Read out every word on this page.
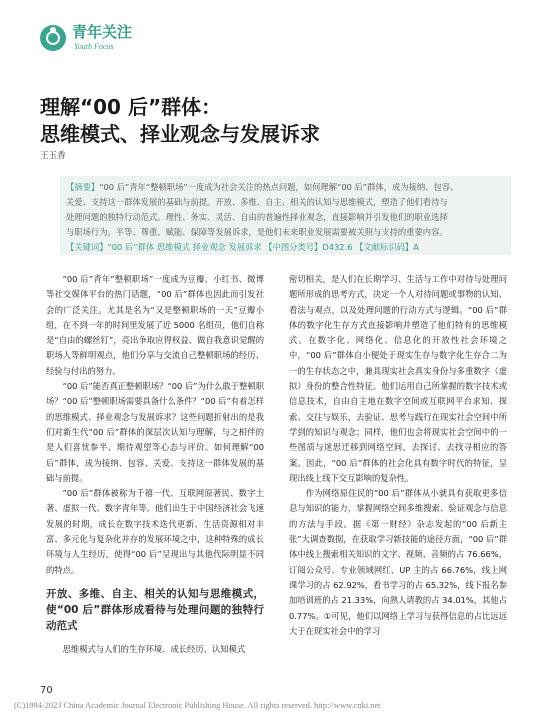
青年关注
Youth Focus
理解“00 后”群体：
思维模式、择业观念与发展诉求
王玉香

【摘要】“00 后”青年“整顿职场”一度成为社会关注的热点问题，如何理解“00 后”群体，成为接纳、包容、

关爱、支持这一群体发展的基础与前提。开放、多维、自主、相关的认知与思维模式，塑造了他们看待与

处理问题的独特行动范式。理性、务实、灵活、自由的普遍性择业观念，直接影响并引发他们的职业选择

与职场行为。平等、尊重、赋能、保障等发展诉求，是他们未来职业发展需要被关照与支持的重要内容。

【关键词】“00 后”群体 思维模式 择业观念 发展诉求 【中图分类号】D432.6 【文献标识码】A

“00 后”青年“整顿职场”一度成为豆瓣、小红书、微博等社交媒体平台的热门话题，“00 后”群体也因此而引发社会的广泛关注。尤其是名为“又是整顿职场的一天”豆瓣小组，在不到一年的时间里发展了近 5000 名组员，他们自称是“自由的螺丝钉”，亮出争取应得权益、做自我意识觉醒的职场人等鲜明观点，他们分享与交流自己整顿职场的经历、经验与付出的努力。

“00 后”能否真正整顿职场？“00 后”为什么敢于整顿职场？“00 后”整顿职场需要具备什么条件？“00 后”有着怎样的思维模式、择业观念与发展诉求？这些问题折射出的是我们对新生代“00 后”群体的深层次认知与理解，与之相伴的是人们喜忧参半、期待观望等心态与评价。如何理解“00 后”群体，成为接纳、包容、关爱、支持这一群体发展的基础与前提。

“00 后”群体被称为千禧一代、互联网原著民、数字土著、虚拟一代、数字青年等。他们出生于中国经济社会飞速发展的时期，成长在数字技术迭代更新、生活资源相对丰富、多元化与复杂化并存的发展环境之中，这种特殊的成长环境与人生经历，使得“00 后”呈现出与其他代际明显不同的特点。

开放、多维、自主、相关的认知与思维模式，使“00 后”群体形成看待与处理问题的独特行动范式

思维模式与人们的生存环境、成长经历、认知模式

密切相关，是人们在长期学习、生活与工作中对待与处理问题所形成的思考方式，决定一个人对待问题或事物的认知、看法与观点，以及处理问题的行动方式与逻辑。“00 后”群体的数字化生存方式直接影响并塑造了他们特有的思维模式。在数字化、网络化、信息化的开放性社会环境之中，“00 后”群体自小便处于现实生存与数字化生存合二为一的生存状态之中，兼具现实社会真实身份与多重数字（虚拟）身份的整合性特征。他们运用自己所掌握的数字技术或信息技术，自由自主地在数字空间或互联网平台求知、探索、交往与娱乐，去验证、思考与践行在现实社会空间中所学到的知识与观念；同样，他们也会将现实社会空间中的一些图质与迷思迁移到网络空间，去探讨、去找寻相应的答案。因此，“00 后”群体的社会化具有数字时代的特征，呈现出线上线下交互影响的复杂性。

作为网络原住民的“00 后”群体从小就具有获取更多信息与知识的能力，掌握网络空间多维搜索、验证观念与信息的方法与手段。据《第一财经》杂志发起的“00 后新主张”大调查数据，在获取学习新技能的途径方面，“00 后”群体中线上搜索相关知识的文字、视频、音频的占 76.66%，订阅公众号、专业领域网红、UP 主的占 66.76%，线上网课学习的占 62.92%，看书学习的占 65.32%，线下报名参加培训班的占 21.33%，向熟人请教的占 34.01%，其他占 0.77%。①可见，他们以网络上学习与获得信息的占比远远大于在现实社会中的学习

70
(C)1994-2023 China Academic Journal Electronic Publishing House. All rights reserved. http://www.cnki.net
